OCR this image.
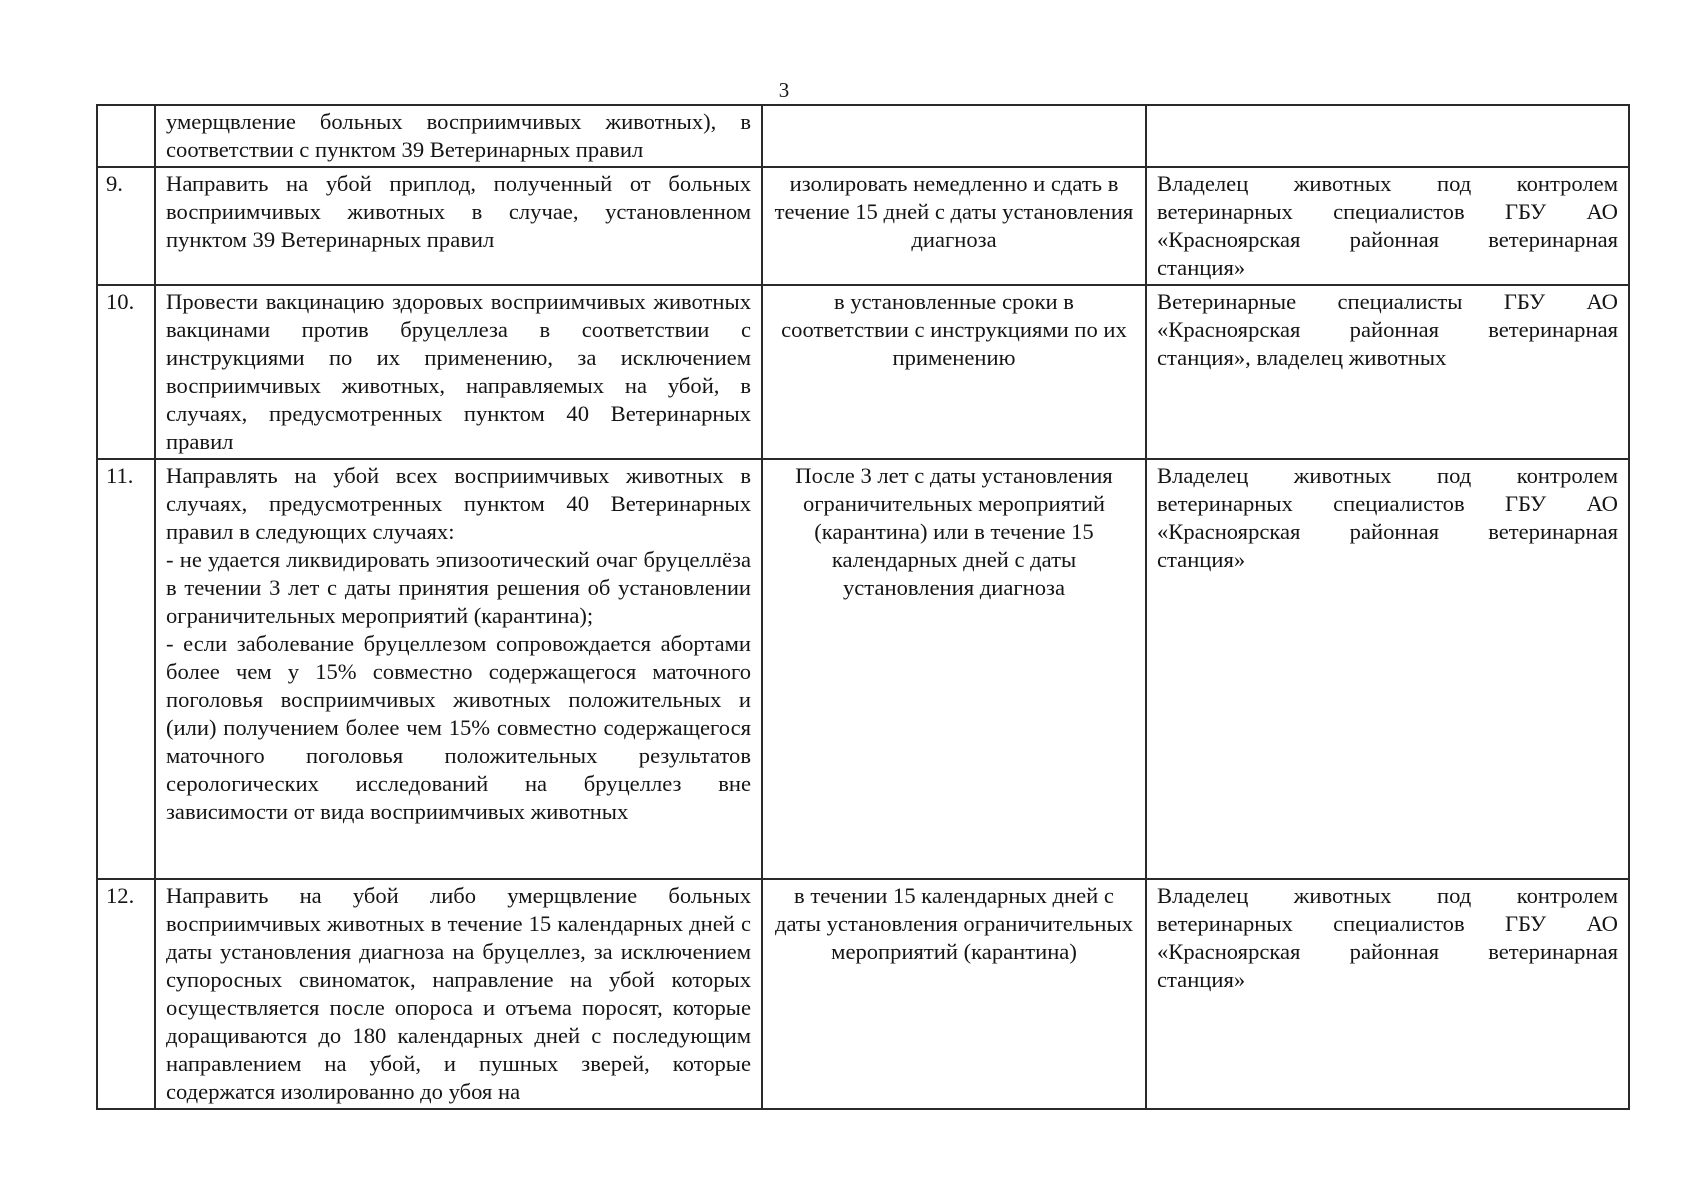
3

	умерщвление больных восприимчивых животных), в соответствии с пунктом 39 Ветеринарных правил		

9.	Направить на убой приплод, полученный от больных восприимчивых животных в случае, установленном пунктом 39 Ветеринарных правил	изолировать немедленно и сдать в течение 15 дней с даты установления диагноза	Владелец животных под контролем ветеринарных специалистов ГБУ АО «Красноярская районная ветеринарная станция»
10.	Провести вакцинацию здоровых восприимчивых животных вакцинами против бруцеллеза в соответствии с инструкциями по их применению, за исключением восприимчивых животных, направляемых на убой, в случаях, предусмотренных пунктом 40 Ветеринарных правил	в установленные сроки в соответствии с инструкциями по их применению	Ветеринарные специалисты ГБУ АО «Красноярская районная ветеринарная станция», владелец животных
11.	Направлять на убой всех восприимчивых животных в случаях, предусмотренных пунктом 40 Ветеринарных правил в следующих случаях:
- не удается ликвидировать эпизоотический очаг бруцеллёза в течении 3 лет с даты принятия решения об установлении ограничительных мероприятий (карантина);
- если заболевание бруцеллезом сопровождается абортами более чем у 15% совместно содержащегося маточного поголовья восприимчивых животных положительных и (или) получением более чем 15% совместно содержащегося маточного поголовья положительных результатов серологических исследований на бруцеллез вне зависимости от вида восприимчивых животных	После 3 лет с даты установления ограничительных мероприятий (карантина) или в течение 15 календарных дней с даты установления диагноза	Владелец животных под контролем ветеринарных специалистов ГБУ АО «Красноярская районная ветеринарная станция»
12.	Направить на убой либо умерщвление больных восприимчивых животных в течение 15 календарных дней с даты установления диагноза на бруцеллез, за исключением супоросных свиноматок, направление на убой которых осуществляется после опороса и отъема поросят, которые доращиваются до 180 календарных дней с последующим направлением на убой, и пушных зверей, которые содержатся изолированно до убоя на	в течении 15 календарных дней с даты установления ограничительных мероприятий (карантина)	Владелец животных под контролем ветеринарных специалистов ГБУ АО «Красноярская районная ветеринарная станция»
